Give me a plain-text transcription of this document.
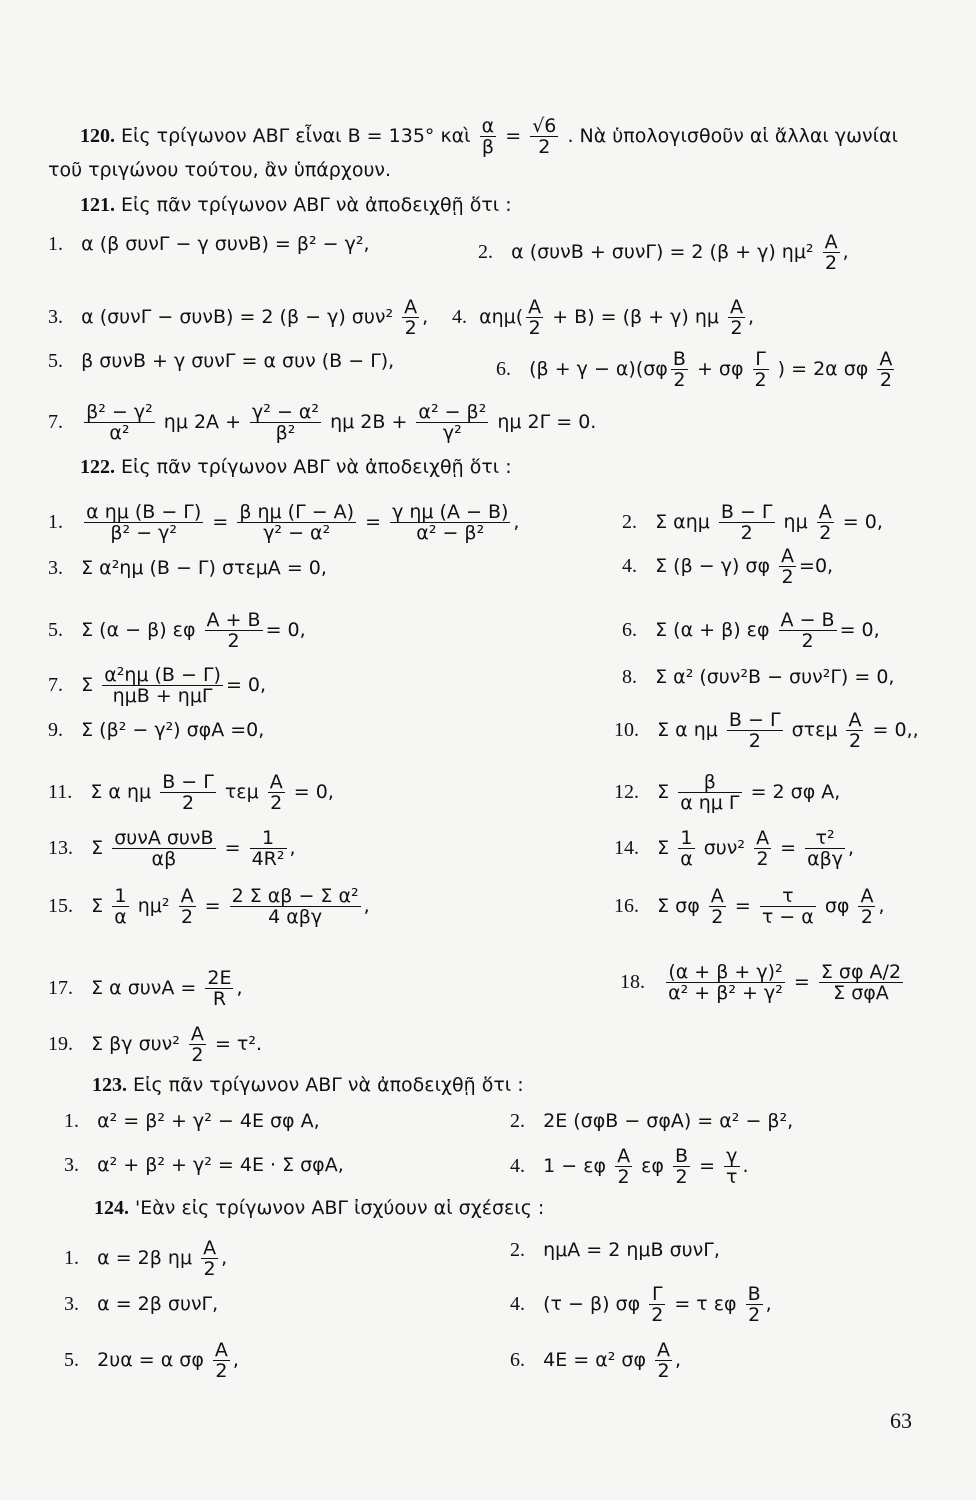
120. Εἰς τρίγωνον ΑΒΓ εἶναι Β = 135° καὶ $\frac{\alpha}{\beta} = \frac{√6}{2}$ . Νὰ ὑπολογισθοῦν αἱ ἄλλαι γωνίαι
τοῦ τριγώνου τούτου, ἂν ὑπάρχουν.
121. Εἰς πᾶν τρίγωνον ΑΒΓ νὰ ἀποδειχθῇ ὅτι :
1. α (β συνΓ − γ συνΒ) = β² − γ²,	2. α (συνΒ + συνΓ) = 2 (β + γ) $\eta\mu^2 \frac{A}{2}$ ,
3. α (συνΓ − συνΒ) = 2 (β − γ) $\sigma\upsilon\nu^2 \frac{A}{2}$ , 4. $\alpha\eta\mu( \frac{A}{2} + B) = (\beta + \gamma)$ ημ $\frac{A}{2}$ ,
5. β συνΒ + γ συνΓ = α συν (Β − Γ),	6. $(\beta + \gamma - \alpha)(\sigma\varphi \frac{B}{2} + \sigma\varphi \frac{\Gamma}{2}$ ) = 2α σφ $\frac{A}{2}$
7. $\frac{\text{β² − γ²}}{\text{α²}}$ ημ $2A + \frac{\text{γ² − α²}}{\text{β²}}$ ημ $2B + \frac{\text{α² − β²}}{\text{γ²}}$ ημ 2Γ = 0.
122. Εἰς πᾶν τρίγωνον ΑΒΓ νὰ ἀποδειχθῇ ὅτι :
1. $\frac{\text{α ημ (Β − Γ)}}{\text{β² − γ²}} = \frac{\text{β ημ (Γ − Α)}}{\text{γ² − α²}} = \frac{\text{γ ημ (Α − Β)}}{\text{α² − β²}}$ ,	2. Σ αημ $\frac{B - \Gamma}{2}$ ημ $\frac{A}{2} = 0$,
3. Σ α²ημ (Β − Γ) στεμΑ = 0,	4. Σ (β − γ) σφ $\frac{A}{2} =0$,
5. Σ (α − β) εφ $\frac{A + B}{2} = 0$,	6. Σ (α + β) εφ $\frac{A - B}{2} = 0$,
7. Σ $\frac{\text{α²ημ (Β − Γ)}}{\text{ημΒ + ημΓ}} = 0$,	8. Σ α² (συν²Β − συν²Γ) = 0,
9. Σ (β² − γ²) σφΑ =0,	10. Σ α ημ $\frac{B - \Gamma}{2}$ στεμ $\frac{A}{2} = 0$,,
11. Σ α ημ $\frac{B - \Gamma}{2}$ τεμ $\frac{A}{2} = 0$,	12. Σ $\frac{\beta}{\text{α ημ Γ}} = 2$ σφ Α,
13. Σ $\frac{\text{συνΑ συνΒ}}{\alpha\beta} = \frac{1}{\text{4R²}}$ ,	14. Σ $\frac{1}{\alpha} \sigma\upsilon\nu^2 \frac{A}{2} = \frac{\text{τ²}}{\text{αβγ}}$ ,
15. Σ $\frac{1}{\alpha} \eta\mu^2 \frac{A}{2} = \frac{\text{2 Σ αβ − Σ α²}}{\text{4 αβγ}}$ ,	16. Σ σφ $\frac{A}{2} = \frac{\tau}{\tau - \alpha}$ σφ $\frac{A}{2}$ ,
17. Σ α $\sigma\upsilon\nu A = \frac{2E}{R}$ ,	18. $\frac{\text{(α + β + γ)²}}{\text{α² + β² + γ²}} = \frac{\text{Σ σφ Α/2}}{\text{Σ σφΑ}}$
19. Σ βγ $\sigma\upsilon\nu^2 \frac{A}{2} = \tau^2$.
123. Εἰς πᾶν τρίγωνον ΑΒΓ νὰ ἀποδειχθῇ ὅτι :
1. α² = β² + γ² − 4Ε σφ Α,	2. 2Ε (σφΒ − σφΑ) = α² − β²,
3. α² + β² + γ² = 4Ε · Σ σφΑ,	4. 1 − εφ $\frac{A}{2}$ εφ $\frac{B}{2} = \frac{\gamma}{\tau}$ .
124. 'Εὰν εἰς τρίγωνον ΑΒΓ ἰσχύουν αἱ σχέσεις :
1. α = 2β ημ $\frac{A}{2}$ ,	2. ημΑ = 2 ημΒ συνΓ,
3. α = 2β συνΓ,	4. (τ − β) σφ $\frac{\Gamma}{2} = \tau$ εφ $\frac{B}{2}$ ,
5. 2υα = α σφ $\frac{A}{2}$ ,	6. 4Ε = α² σφ $\frac{A}{2}$ ,
63
